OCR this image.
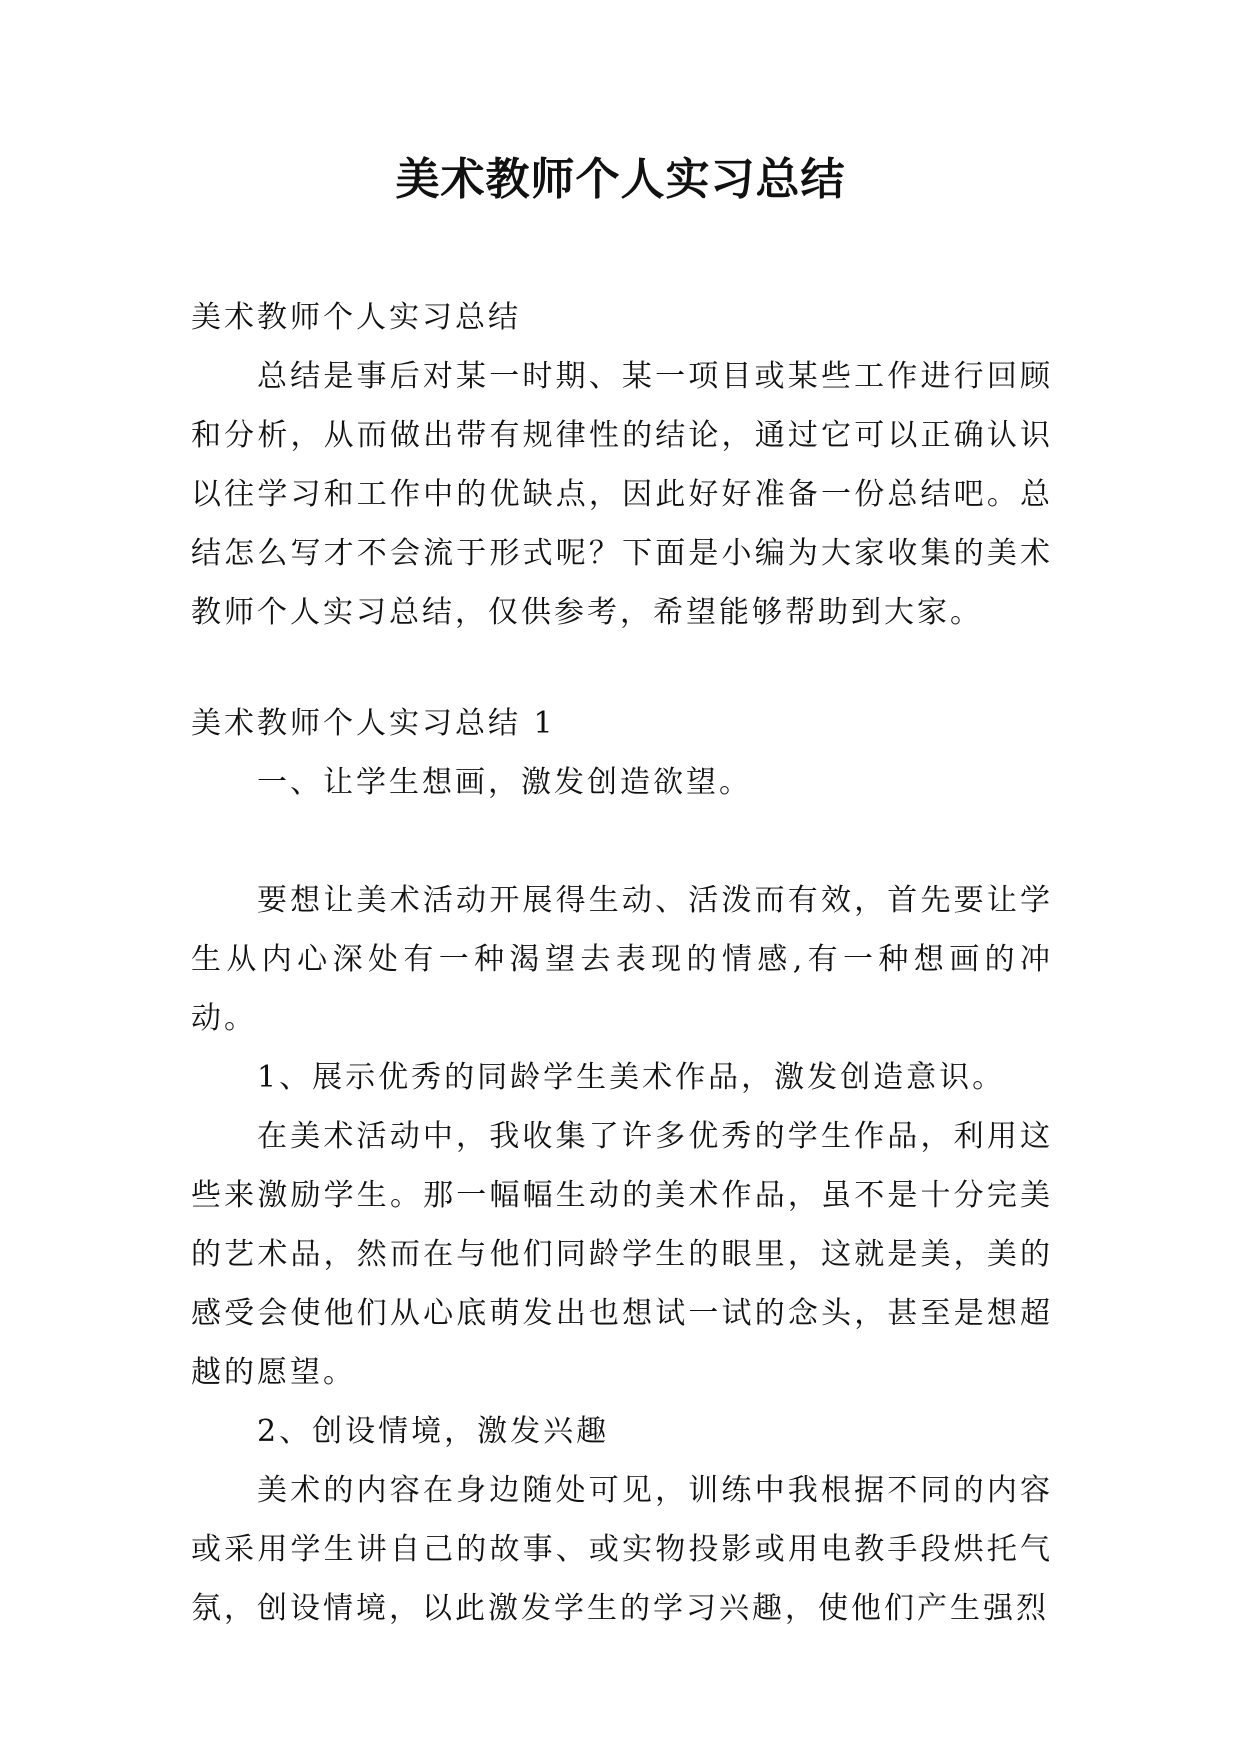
美术教师个人实习总结

美术教师个人实习总结

总结是事后对某一时期、某一项目或某些工作进行回顾和分析，从而做出带有规律性的结论，通过它可以正确认识以往学习和工作中的优缺点，因此好好准备一份总结吧。总结怎么写才不会流于形式呢？下面是小编为大家收集的美术教师个人实习总结，仅供参考，希望能够帮助到大家。

美术教师个人实习总结 1

一、让学生想画，激发创造欲望。

要想让美术活动开展得生动、活泼而有效，首先要让学生从内心深处有一种渴望去表现的情感,有一种想画的冲动。

1、展示优秀的同龄学生美术作品，激发创造意识。

在美术活动中，我收集了许多优秀的学生作品，利用这些来激励学生。那一幅幅生动的美术作品，虽不是十分完美的艺术品，然而在与他们同龄学生的眼里，这就是美，美的感受会使他们从心底萌发出也想试一试的念头，甚至是想超越的愿望。

2、创设情境，激发兴趣

美术的内容在身边随处可见，训练中我根据不同的内容或采用学生讲自己的故事、或实物投影或用电教手段烘托气氛，创设情境，以此激发学生的学习兴趣，使他们产生强烈
